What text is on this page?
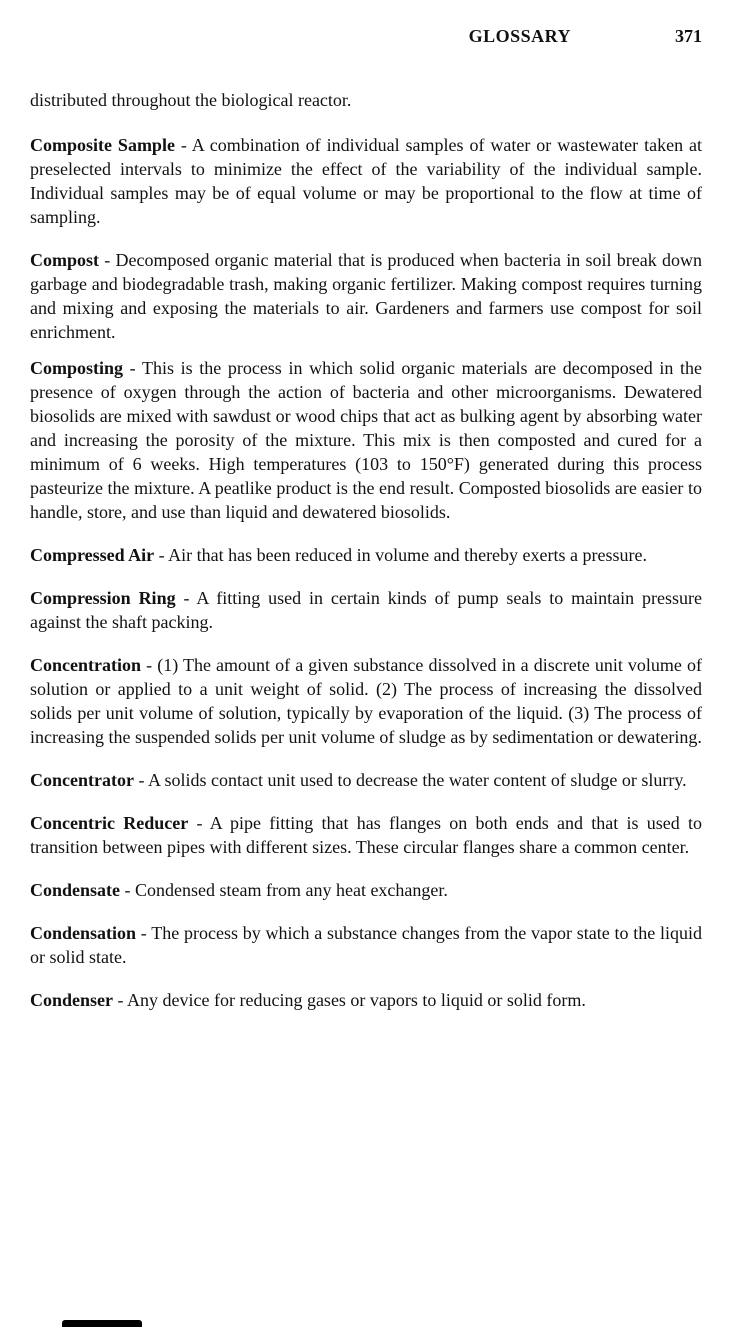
GLOSSARY	371

distributed throughout the biological reactor.

Composite Sample - A combination of individual samples of water or wastewater taken at preselected intervals to minimize the effect of the variability of the individual sample. Individual samples may be of equal volume or may be proportional to the flow at time of sampling.

Compost - Decomposed organic material that is produced when bacteria in soil break down garbage and biodegradable trash, making organic fertilizer. Making compost requires turning and mixing and exposing the materials to air. Gardeners and farmers use compost for soil enrichment.

Composting - This is the process in which solid organic materials are decomposed in the presence of oxygen through the action of bacteria and other microorganisms. Dewatered biosolids are mixed with sawdust or wood chips that act as bulking agent by absorbing water and increasing the porosity of the mixture. This mix is then composted and cured for a minimum of 6 weeks. High temperatures (103 to 150°F) generated during this process pasteurize the mixture. A peatlike product is the end result. Composted biosolids are easier to handle, store, and use than liquid and dewatered biosolids.

Compressed Air - Air that has been reduced in volume and thereby exerts a pressure.

Compression Ring - A fitting used in certain kinds of pump seals to maintain pressure against the shaft packing.

Concentration - (1) The amount of a given substance dissolved in a discrete unit volume of solution or applied to a unit weight of solid. (2) The process of increasing the dissolved solids per unit volume of solution, typically by evaporation of the liquid. (3) The process of increasing the suspended solids per unit volume of sludge as by sedimentation or dewatering.

Concentrator - A solids contact unit used to decrease the water content of sludge or slurry.

Concentric Reducer - A pipe fitting that has flanges on both ends and that is used to transition between pipes with different sizes. These circular flanges share a common center.

Condensate - Condensed steam from any heat exchanger.

Condensation - The process by which a substance changes from the vapor state to the liquid or solid state.

Condenser - Any device for reducing gases or vapors to liquid or solid form.
